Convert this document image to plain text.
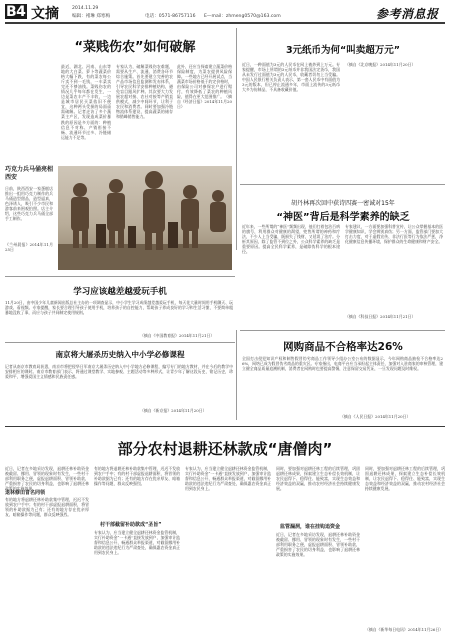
B4 文摘	2014.11.29
编辑：褚琳 郑寒梅	电话：0571-86757116 E—mail：zhmeng0570@163.com	参考消息报
“菜贱伤农”如何破解
最近，湖北、河南、山东等地的大白菜、萝卜等蔬菜价格大幅下跌，有的菜农每公斤卖不到一毛钱，一车菜卖完还不够油钱。菜贱伤农的情况几乎每年都在发生，一边是菜农丰产不丰收，一边是城市居民买菜依旧不便宜，这种两头受损的局面亟需破解。记者走访了多个蔬菜主产区，发现造成菜价暴跌的原因是多方面的：种植信息不对称、产销衔接不畅、流通环节过多、冷链储运能力不足等。
专家认为，破解菜贱伤农难题，需要从生产、流通、消费各环节综合施策。首先要建立完善的农产品市场信息监测和发布体系，引导农民科学安排种植结构，避免盲目跟风扩种。其次要大力发展农超对接、农社对接等产销直供模式，减少中间环节，让利于农民和消费者。同时要加强冷链物流体系建设，提高蔬菜的储存和错峰销售能力。
此外，还应当探索建立蔬菜价格保险制度，为菜农提供风险保障。一些地方已经开展试点，当蔬菜市场价格低于约定价格时，由保险公司对参保农户进行赔付，有效降低了菜农的种植风险，值得在更大范围推广。（摘自《经济日报》2014年11月20日）
巧克力兵马俑亮相西安
日前，陕西西安一家蛋糕店推出一组用巧克力制作的兵马俑造型甜品，造型逼真，色泽诱人，吸引不少市民和游客前来围观拍照。店主介绍，这些巧克力兵马俑全部手工制作。
《兰州晨报》2014年11月25日
3元纸币为何“叫卖超万元”
近日，一种面值为3元的人民币在网上被炒到上万元。专家提醒，市场上所谓的3元纸币并非我国法定货币，我国从未发行过面值为3元的人民币，收藏者切勿上当受骗。中国人民银行相关负责人表示，第一套人民币中有面值为3元的版本，但已停止流通多年，市面上流传的3元纸币大多为仿制品，不具备收藏价值。
（摘自《北京晚报》2014年11月20日）
胡丹林再次回中获诗四赛一密诚对15年
“神医”背后是科学素养的缺乏
近年来，一些所谓的“神医”频频出现，他们打着包治百病的旗号，利用群众对健康的渴望，兜售所谓的神药和疗法，不少人上当受骗，既损失了钱财，又延误了治疗。分析其原因，除了监管不到位之外，公众科学素养的缺乏是重要原因。提高全民科学素养，是破除伪科学的根本途径。
专家建议，一方面要加强科普宣传，让公众掌握基本的医学健康知识，学会辨别真伪；另一方面，监管部门要加大打击力度，对于虚假宣传、非法行医等行为依法严惩，净化健康信息传播环境，保护群众的生命健康和财产安全。
（摘自《科技日报》2014年11月21日）
学习应该越差越爱玩手机
11月20日，由中国少年儿童新闻出版总社主办的一项调查显示，中小学生学习成绩越差越爱玩手机，每天花大量时间用手机聊天、玩游戏、看视频。专家提醒，家长要合理引导孩子使用手机，培养孩子的自控能力，帮助孩子养成良好的学习和生活习惯，不要简单粗暴地没收了事，而应与孩子共同制定使用规则。
（摘自《中国教育报》2014年11月21日）
网购商品不合格率达26%
全国打击侵犯知识产权和制售假冒伪劣商品工作领导小组办公室公布的数据显示，今年网购商品抽检不合格率达26%，网络已成为假冒伪劣商品的重灾区。专家指出，电商平台应当承担起主体责任，加强对入驻商家的审核管理，建立健全商品质量追溯机制，消费者在网购时也要提高警惕，注意保留交易凭证，一旦发现问题及时维权。
（摘自《人民日报》2014年11月20日）
南京将大屠杀历史纳入中小学必修课程
记者从南京市教育局获悉，南京市将把侵华日军南京大屠杀历史纳入中小学地方必修课程，编写专门的地方教材，并在今后的教学中安排相应的课时。南京市教育部门表示，将通过课堂教学、实地参观、主题活动等多种形式，让青少年了解这段历史，铭记历史，珍爱和平，增强爱国主义情感和民族责任感。
（摘自《新京报》2014年11月20日）
部分农村退耕还林款成“唐僧肉”
近日，记者在多地采访发现，退耕还林补助资金被截留、挪用、冒领的现象时有发生，一些村干部利用职务之便，虚报退耕面积、冒领补助款，严重损害了农民的切身利益，也影响了退耕还林政策的实施效果。
退林修田冒名同领
有的地方将退耕还林补助款集中管理，迟迟不发放到农户手中；有的村干部虚报退耕面积，将冒领的补助款据为己有；还有的地方存在优亲厚友、暗箱操作等问题，群众反映强烈。
有的地方将退耕还林补助款集中管理，迟迟不发放到农户手中；有的村干部虚报退耕面积，将冒领的补助款据为己有；还有的地方存在优亲厚友、暗箱操作等问题，群众反映强烈。
村干部截留补助款成“圣旨”
专家认为，应当建立健全退耕还林资金监管机制，实行补助资金“一卡通”直接发放到户，加强审计监督和信息公开，畅通群众举报渠道，对截留挪用补助款的违法违纪行为严肃查处，确保惠农资金真正用到农民身上。
专家认为，应当建立健全退耕还林资金监管机制，实行补助资金“一卡通”直接发放到户，加强审计监督和信息公开，畅通群众举报渠道，对截留挪用补助款的违法违纪行为严肃查处，确保惠农资金真正用到农民身上。
同时，要加强对退耕还林工程的后续管理，巩固退耕还林成果，探索建立生态补偿长效机制，让农民退得下、稳得住、能致富，实现生态效益和经济效益的双赢，推动农村经济社会持续健康发展。
监管漏洞，谁在挂钩追资金
近日，记者在多地采访发现，退耕还林补助资金被截留、挪用、冒领的现象时有发生，一些村干部利用职务之便，虚报退耕面积、冒领补助款，严重损害了农民的切身利益，也影响了退耕还林政策的实施效果。
同时，要加强对退耕还林工程的后续管理，巩固退耕还林成果，探索建立生态补偿长效机制，让农民退得下、稳得住、能致富，实现生态效益和经济效益的双赢，推动农村经济社会持续健康发展。
（摘自《新华每日电讯》2014年11月26日）
